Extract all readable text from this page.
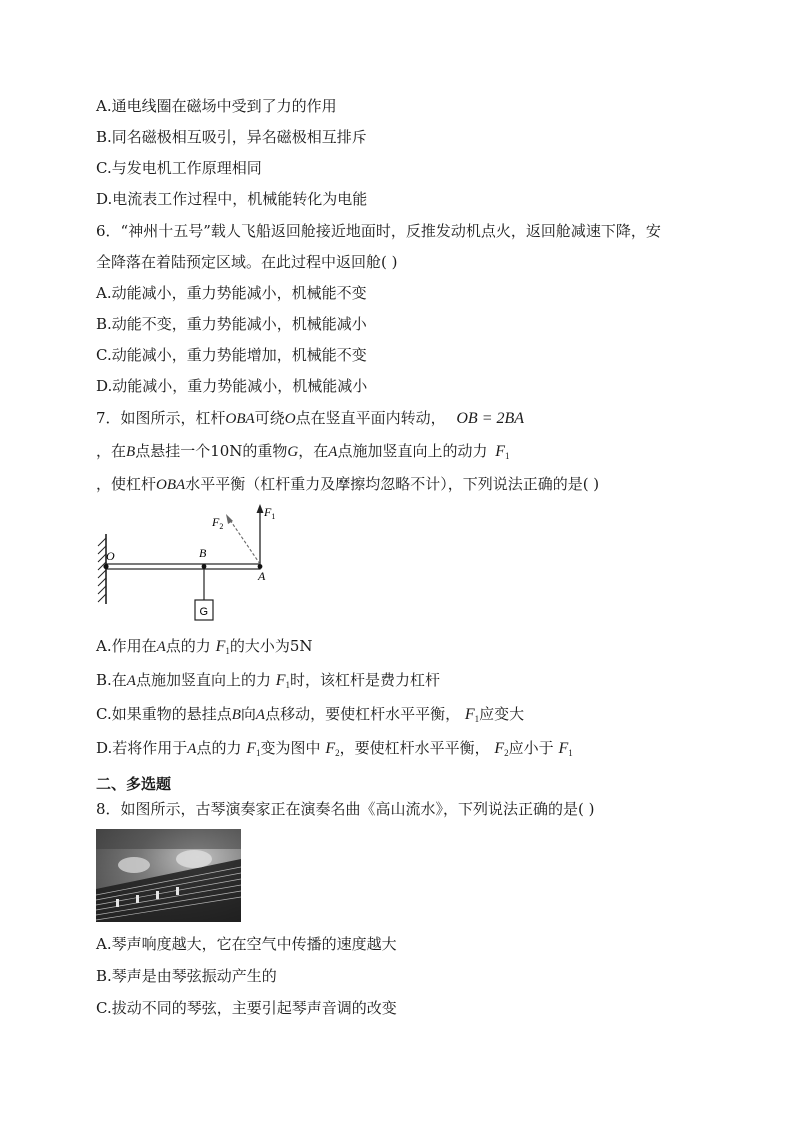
A.通电线圈在磁场中受到了力的作用
B.同名磁极相互吸引，异名磁极相互排斥
C.与发电机工作原理相同
D.电流表工作过程中，机械能转化为电能
6．“神州十五号”载人飞船返回舱接近地面时，反推发动机点火，返回舱减速下降，安
全降落在着陆预定区域。在此过程中返回舱( )
A.动能减小，重力势能减小，机械能不变
B.动能不变，重力势能减小，机械能减小
C.动能减小，重力势能增加，机械能不变
D.动能减小，重力势能减小，机械能减小
7．如图所示，杠杆OBA可绕O点在竖直平面内转动， OB = 2BA
，在B点悬挂一个10N的重物G，在A点施加竖直向上的动力 $F_1$
，使杠杆OBA水平平衡（杠杆重力及摩擦均忽略不计），下列说法正确的是( )
$F_1$
$F_2$
O	B
A
G
A.作用在A点的力 $F_1$的大小为5N
B.在A点施加竖直向上的力 $F_1$时，该杠杆是费力杠杆
C.如果重物的悬挂点B向A点移动，要使杠杆水平平衡， $F_1$应变大
D.若将作用于A点的力 $F_1$变为图中 $F_2$，要使杠杆水平平衡， $F_2$应小于 $F_1$
二、多选题
8．如图所示，古琴演奏家正在演奏名曲《高山流水》，下列说法正确的是( )
A.琴声响度越大，它在空气中传播的速度越大
B.琴声是由琴弦振动产生的
C.拔动不同的琴弦，主要引起琴声音调的改变
